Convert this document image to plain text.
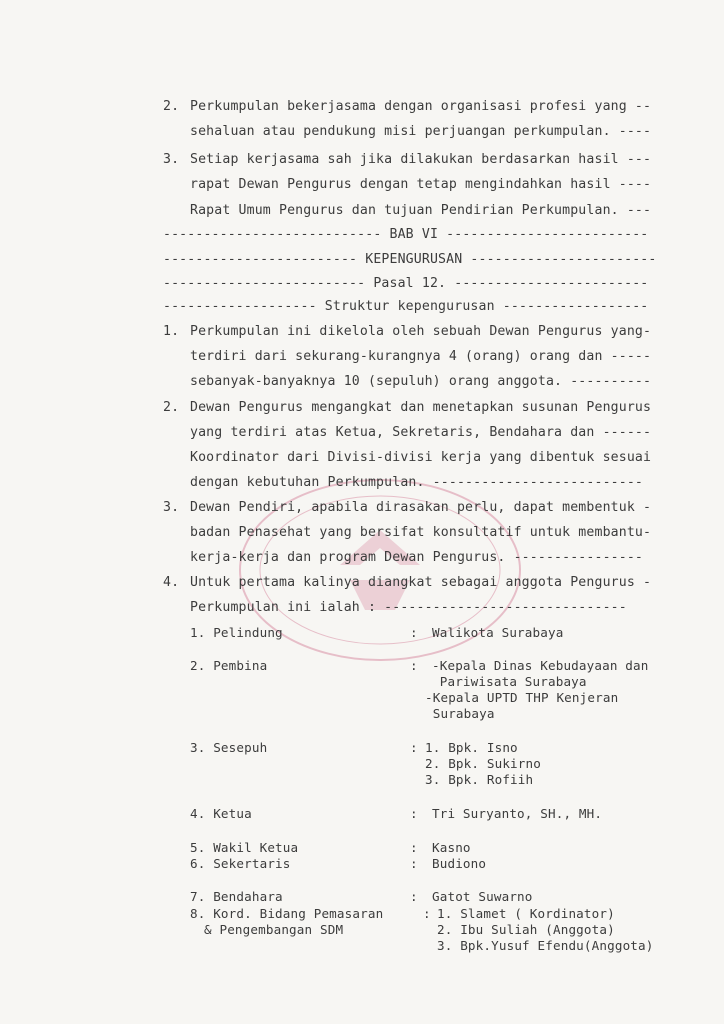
2. Perkumpulan bekerjasama dengan organisasi profesi yang --
sehaluan atau pendukung misi perjuangan perkumpulan. ----
3. Setiap kerjasama sah jika dilakukan berdasarkan hasil ---
rapat Dewan Pengurus dengan tetap mengindahkan hasil ----
Rapat Umum Pengurus dan tujuan Pendirian Perkumpulan. ---
--------------------------- BAB VI -------------------------
------------------------ KEPENGURUSAN -----------------------
------------------------- Pasal 12. ------------------------
------------------- Struktur kepengurusan ------------------
1. Perkumpulan ini dikelola oleh sebuah Dewan Pengurus yang-
terdiri dari sekurang-kurangnya 4 (orang) orang dan -----
sebanyak-banyaknya 10 (sepuluh) orang anggota. ----------
2. Dewan Pengurus mengangkat dan menetapkan susunan Pengurus
yang terdiri atas Ketua, Sekretaris, Bendahara dan ------
Koordinator dari Divisi-divisi kerja yang dibentuk sesuai
dengan kebutuhan Perkumpulan. --------------------------
3. Dewan Pendiri, apabila dirasakan perlu, dapat membentuk -
badan Penasehat yang bersifat konsultatif untuk membantu-
kerja-kerja dan program Dewan Pengurus. ----------------
4. Untuk pertama kalinya diangkat sebagai anggota Pengurus -
Perkumpulan ini ialah : ------------------------------
1. Pelindung	: Walikota Surabaya
2. Pembina	: -Kepala Dinas Kebudayaan dan
Pariwisata Surabaya
-Kepala UPTD THP Kenjeran
Surabaya
3. Sesepuh	: 1. Bpk. Isno
2. Bpk. Sukirno
3. Bpk. Rofiih
4. Ketua	: Tri Suryanto, SH., MH.
5. Wakil Ketua	: Kasno
6. Sekertaris	: Budiono
7. Bendahara	: Gatot Suwarno
8. Kord. Bidang Pemasaran
& Pengembangan SDM
: 1. Slamet ( Kordinator)
2. Ibu Suliah (Anggota)
3. Bpk.Yusuf Efendu(Anggota)
